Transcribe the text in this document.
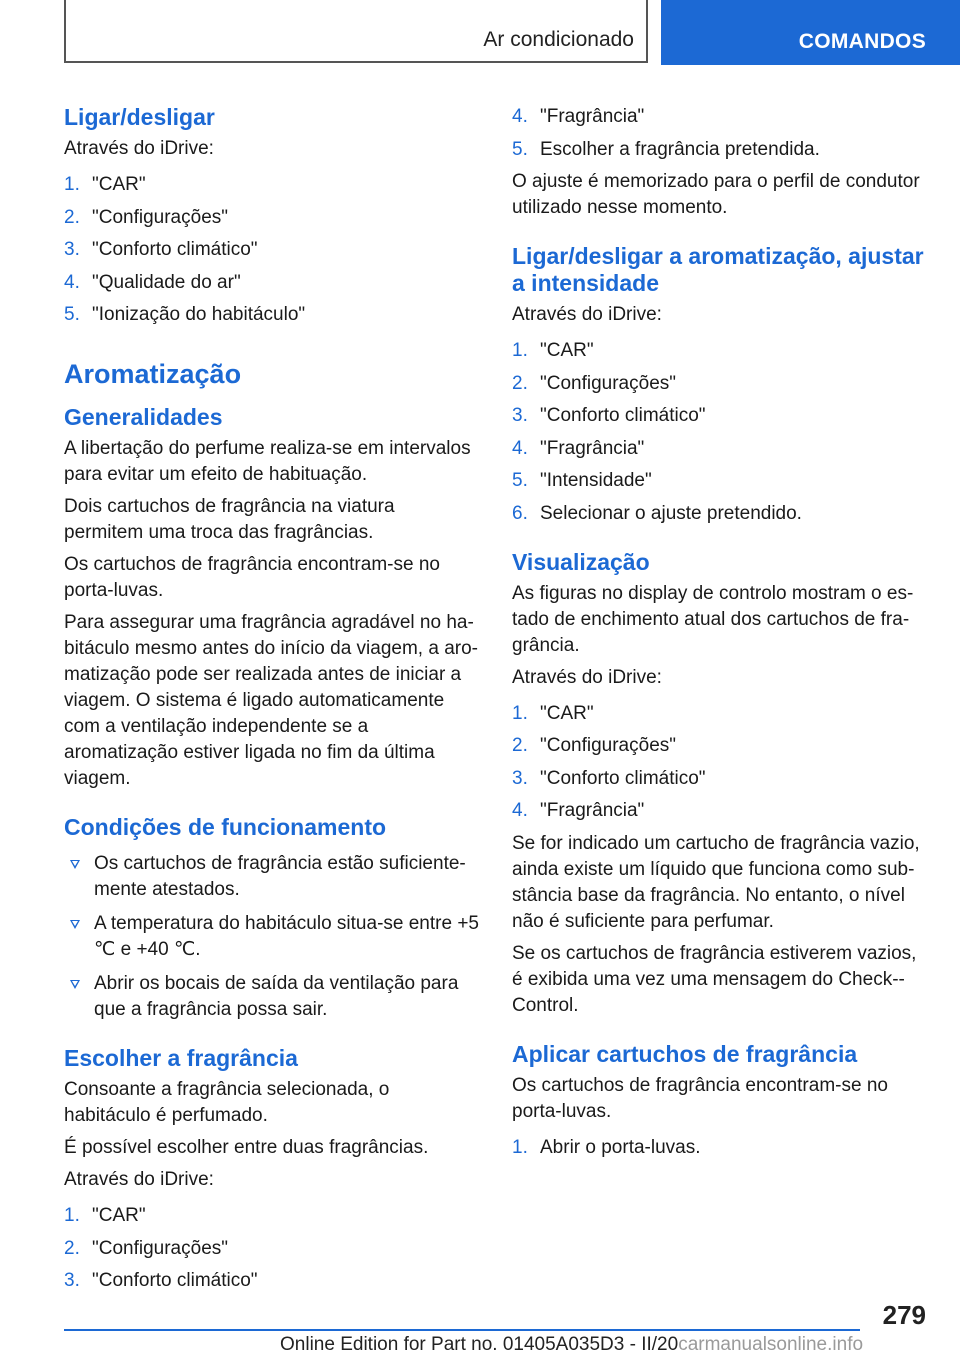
Ar condicionado	COMANDOS
Ligar/desligar

Através do iDrive:

1. "CAR"
2. "Configurações"
3. "Conforto climático"
4. "Qualidade do ar"
5. "Ionização do habitáculo"
Aromatização
Generalidades

A libertação do perfume realiza-se em intervalos para evitar um efeito de habituação.

Dois cartuchos de fragrância na viatura permitem uma troca das fragrâncias.

Os cartuchos de fragrância encontram-se no porta-luvas.

Para assegurar uma fragrância agradável no habitáculo mesmo antes do início da viagem, a aromatização pode ser realizada antes de iniciar a viagem. O sistema é ligado automaticamente com a ventilação independente se a aromatização estiver ligada no fim da última viagem.

Condições de funcionamento
Os cartuchos de fragrância estão suficientemente atestados.
A temperatura do habitáculo situa-se entre +5 ℃ e +40 ℃.
Abrir os bocais de saída da ventilação para que a fragrância possa sair.
Escolher a fragrância

Consoante a fragrância selecionada, o habitáculo é perfumado.

É possível escolher entre duas fragrâncias.

Através do iDrive:

1. "CAR"
2. "Configurações"
3. "Conforto climático"
4. "Fragrância"
5. Escolher a fragrância pretendida.

O ajuste é memorizado para o perfil de condutor utilizado nesse momento.

Ligar/desligar a aromatização, ajustar a intensidade

Através do iDrive:

1. "CAR"
2. "Configurações"
3. "Conforto climático"
4. "Fragrância"
5. "Intensidade"
6. Selecionar o ajuste pretendido.
Visualização

As figuras no display de controlo mostram o estado de enchimento atual dos cartuchos de fragrância.

Através do iDrive:

1. "CAR"
2. "Configurações"
3. "Conforto climático"
4. "Fragrância"

Se for indicado um cartucho de fragrância vazio, ainda existe um líquido que funciona como substância base da fragrância. No entanto, o nível não é suficiente para perfumar.

Se os cartuchos de fragrância estiverem vazios, é exibida uma vez uma mensagem do Check-Control.

Aplicar cartuchos de fragrância

Os cartuchos de fragrância encontram-se no porta-luvas.

1. Abrir o porta-luvas.
279
Online Edition for Part no. 01405A035D3 - II/20carmanualsonline.info
